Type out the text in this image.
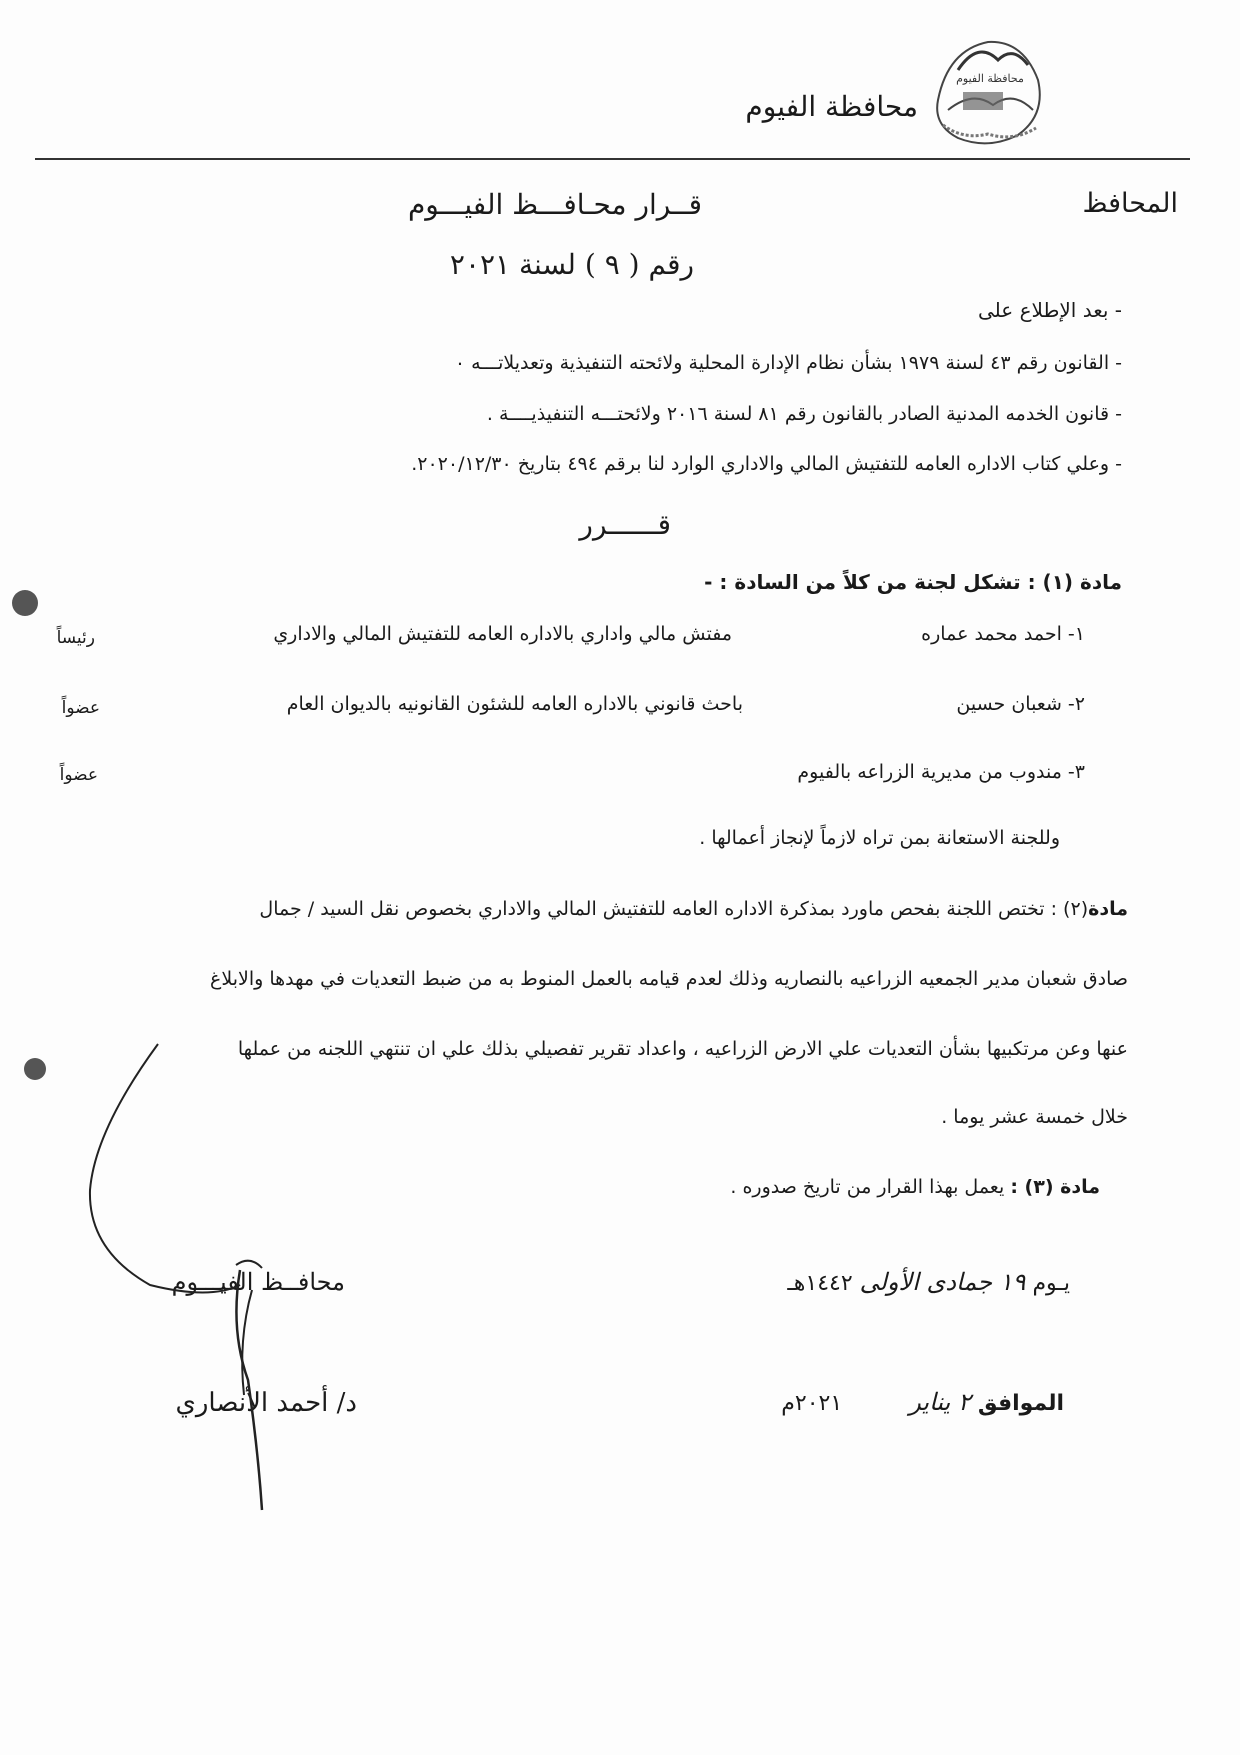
محافظة الفيوم
محافظة الفيوم
المحافظ
قــرار محـافـــظ الفيـــوم
رقم ( ٩ ) لسنة ٢٠٢١
- بعد الإطلاع على
- القانون رقم ٤٣ لسنة ١٩٧٩ بشأن نظام الإدارة المحلية ولائحته التنفيذية وتعديلاتـــه ٠
- قانون الخدمه المدنية الصادر بالقانون رقم ٨١ لسنة ٢٠١٦ ولائحتـــه التنفيذيــــة .
- وعلي كتاب الاداره العامه للتفتيش المالي والاداري الوارد لنا برقم ٤٩٤ بتاريخ ٢٠٢٠/١٢/٣٠.
قــــــرر
مادة (١) : تشكل لجنة من كلاً من السادة : -
١- احمد محمد عماره
مفتش مالي واداري بالاداره العامه للتفتيش المالي والاداري
رئيساً
٢- شعبان حسين
باحث قانوني بالاداره العامه للشئون القانونيه بالديوان العام
عضواً
٣- مندوب من مديرية الزراعه بالفيوم
عضواً
وللجنة الاستعانة بمن تراه لازماً لإنجاز أعمالها .
مادة(٢) : تختص اللجنة بفحص ماورد بمذكرة الاداره العامه للتفتيش المالي والاداري بخصوص نقل السيد / جمال
صادق شعبان مدير الجمعيه الزراعيه بالنصاريه وذلك لعدم قيامه بالعمل المنوط به من ضبط التعديات في مهدها والابلاغ
عنها وعن مرتكبيها بشأن التعديات علي الارض الزراعيه ، واعداد تقرير تفصيلي بذلك علي ان تنتهي اللجنه من عملها
خلال خمسة عشر يوما .
مادة (٣) : يعمل بهذا القرار من تاريخ صدوره .
يـوم ١٩ جمادى الأولى ١٤٤٢هـ
الموافق ٢ يناير ٢٠٢١م
محافــظ الفيـــوم
د/ أحمد الأنصاري
